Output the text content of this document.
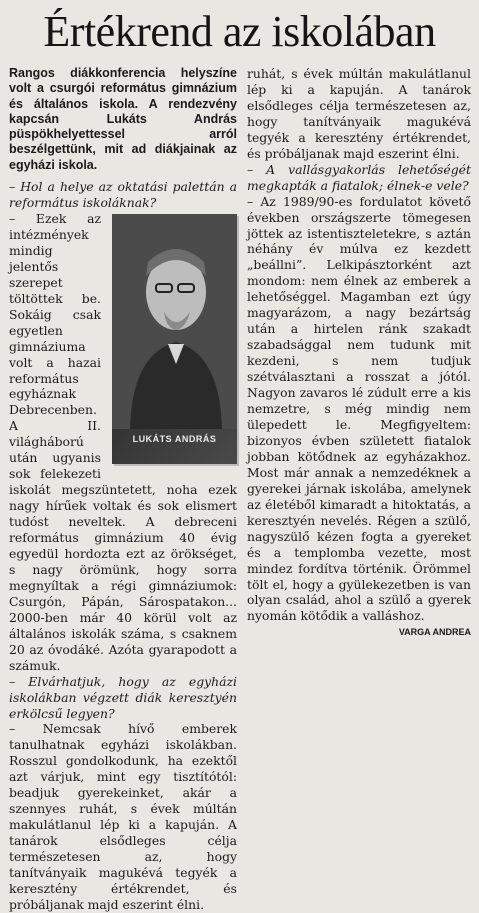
Értékrend az iskolában

Rangos diákkonferencia helyszíne volt a csurgói református gimnázium és általános iskola. A rendezvény kapcsán Lukáts András püspökhelyettessel arról beszélgettünk, mit ad diákjainak az egyházi iskola.

– Hol a helye az oktatási palettán a református iskoláknak?

LUKÁTS ANDRÁS

– Ezek az intézmények mindig jelentős szerepet töltöttek be. Sokáig csak egyetlen gimnáziuma volt a hazai református egyháznak Debrecenben. A II. világháború után ugyanis sok felekezeti iskolát megszüntetett, noha ezek nagy hírűek voltak és sok elismert tudóst neveltek. A debreceni református gimnázium 40 évig egyedül hordozta ezt az örökséget, s nagy örömünk, hogy sorra megnyíltak a régi gimnáziumok: Csurgón, Pápán, Sárospatakon... 2000-ben már 40 körül volt az általános iskolák száma, s csaknem 20 az óvodáké. Azóta gyarapodott a számuk.

– Elvárhatjuk, hogy az egyházi iskolákban végzett diák keresztyén erkölcsű legyen?

– Nemcsak hívő emberek tanulhatnak egyházi iskolákban. Rosszul gondolkodunk, ha ezektől azt várjuk, mint egy tisztítótól: beadjuk gyerekeinket, akár a szennyes ruhát, s évek múltán makulátlanul lép ki a kapuján. A tanárok elsődleges célja természetesen az, hogy tanítványaik magukévá tegyék a keresztény értékrendet, és próbáljanak majd eszerint élni.

ruhát, s évek múltán makulátlanul lép ki a kapuján. A tanárok elsődleges célja természetesen az, hogy tanítványaik magukévá tegyék a keresztény értékrendet, és próbáljanak majd eszerint élni.

– A vallásgyakorlás lehetőségét megkapták a fiatalok; élnek-e vele?

– Az 1989/90-es fordulatot követő években országszerte tömegesen jöttek az istentiszteletekre, s aztán néhány év múlva ez kezdett „beállni”. Lelkipásztorként azt mondom: nem élnek az emberek a lehetőséggel. Magamban ezt úgy magyarázom, a nagy bezártság után a hirtelen ránk szakadt szabadsággal nem tudunk mit kezdeni, s nem tudjuk szétválasztani a rosszat a jótól. Nagyon zavaros lé zúdult erre a kis nemzetre, s még mindig nem ülepedett le. Megfigyeltem: bizonyos évben született fiatalok jobban kötődnek az egyházakhoz. Most már annak a nemzedéknek a gyerekei járnak iskolába, amelynek az életéből kimaradt a hitoktatás, a keresztyén nevelés. Régen a szülő, nagyszülő kézen fogta a gyereket és a templomba vezette, most mindez fordítva történik. Örömmel tölt el, hogy a gyülekezetben is van olyan család, ahol a szülő a gyerek nyomán kötődik a valláshoz.

VARGA ANDREA
